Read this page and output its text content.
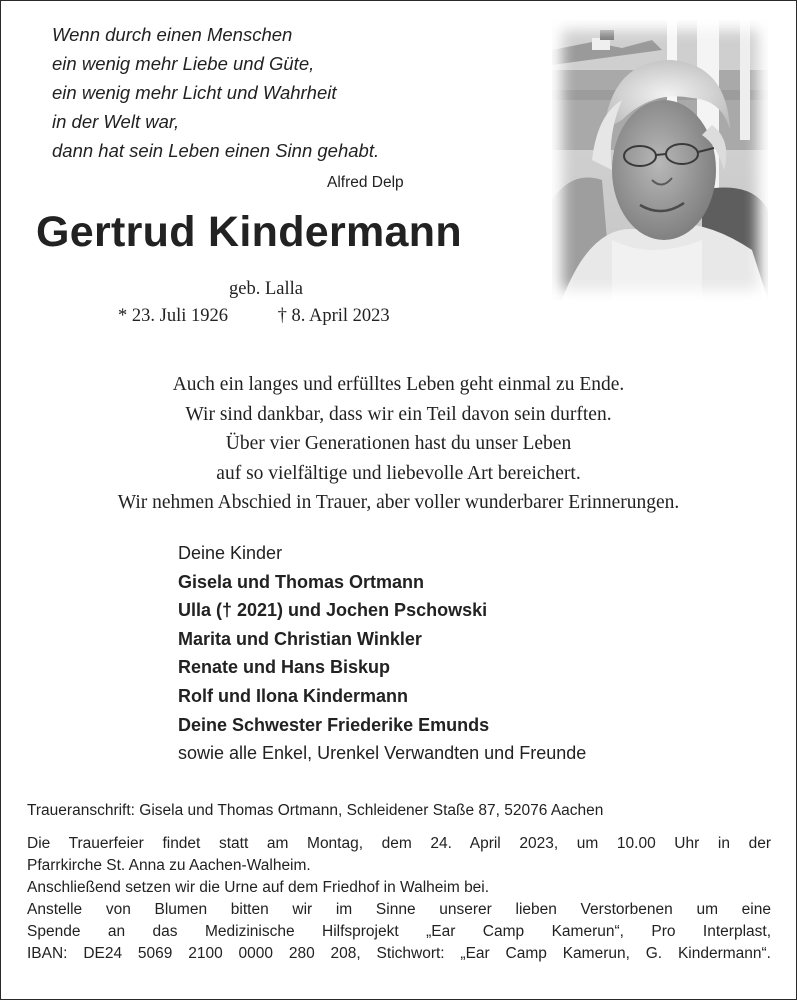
Wenn durch einen Menschen
ein wenig mehr Liebe und Güte,
ein wenig mehr Licht und Wahrheit
in der Welt war,
dann hat sein Leben einen Sinn gehabt.
Alfred Delp
Gertrud Kindermann
geb. Lalla
* 23. Juli 1926	† 8. April 2023
Auch ein langes und erfülltes Leben geht einmal zu Ende.
Wir sind dankbar, dass wir ein Teil davon sein durften.
Über vier Generationen hast du unser Leben
auf so vielfältige und liebevolle Art bereichert.
Wir nehmen Abschied in Trauer, aber voller wunderbarer Erinnerungen.
Deine Kinder
Gisela und Thomas Ortmann
Ulla († 2021) und Jochen Pschowski
Marita und Christian Winkler
Renate und Hans Biskup
Rolf und Ilona Kindermann
Deine Schwester Friederike Emunds
sowie alle Enkel, Urenkel Verwandten und Freunde
Traueranschrift: Gisela und Thomas Ortmann, Schleidener Staße 87, 52076 Aachen
Die Trauerfeier findet statt am Montag, dem 24. April 2023, um 10.00 Uhr in der
Pfarrkirche St. Anna zu Aachen-Walheim.
Anschließend setzen wir die Urne auf dem Friedhof in Walheim bei.
Anstelle von Blumen bitten wir im Sinne unserer lieben Verstorbenen um eine
Spende an das Medizinische Hilfsprojekt „Ear Camp Kamerun“, Pro Interplast,
IBAN: DE24 5069 2100 0000 280 208, Stichwort: „Ear Camp Kamerun, G. Kindermann“.
